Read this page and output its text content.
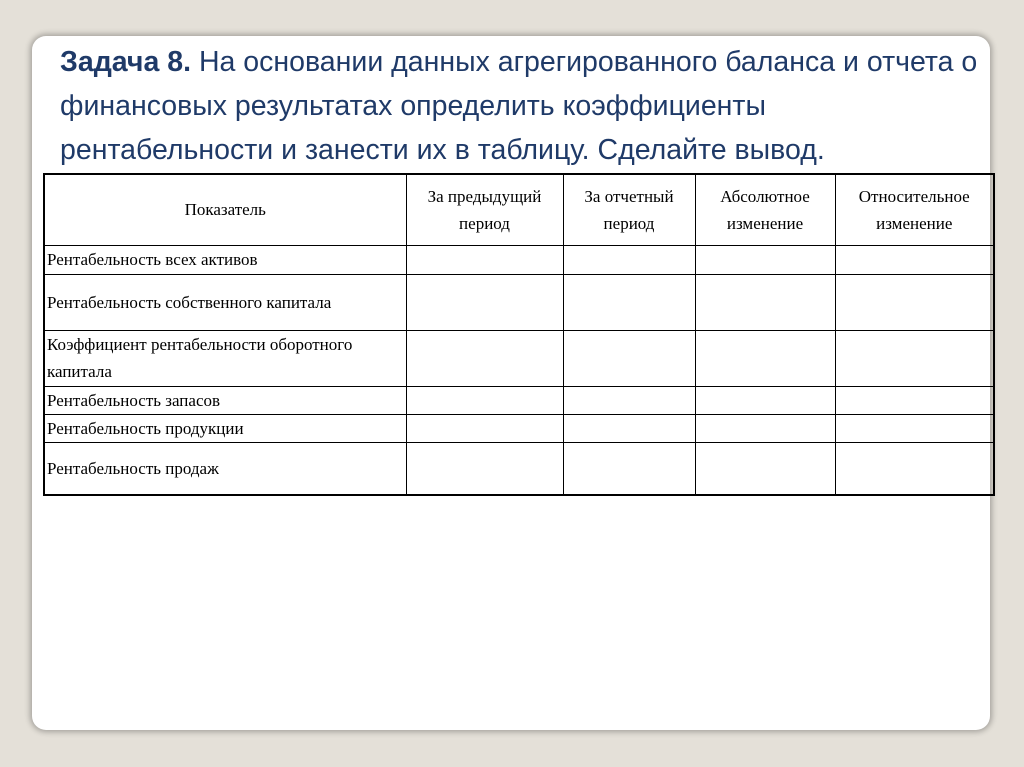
Задача 8. На основании данных агрегированного баланса и отчета о финансовых результатах определить коэффициенты рентабельности и занести их в таблицу. Сделайте вывод.
Показатель	За предыдущий период	За отчетный период	Абсолютное изменение	Относительное изменение
Рентабельность всех активов				
Рентабельность собственного капитала				
Коэффициент рентабельности оборотного капитала				
Рентабельность запасов				
Рентабельность продукции				
Рентабельность продаж				
